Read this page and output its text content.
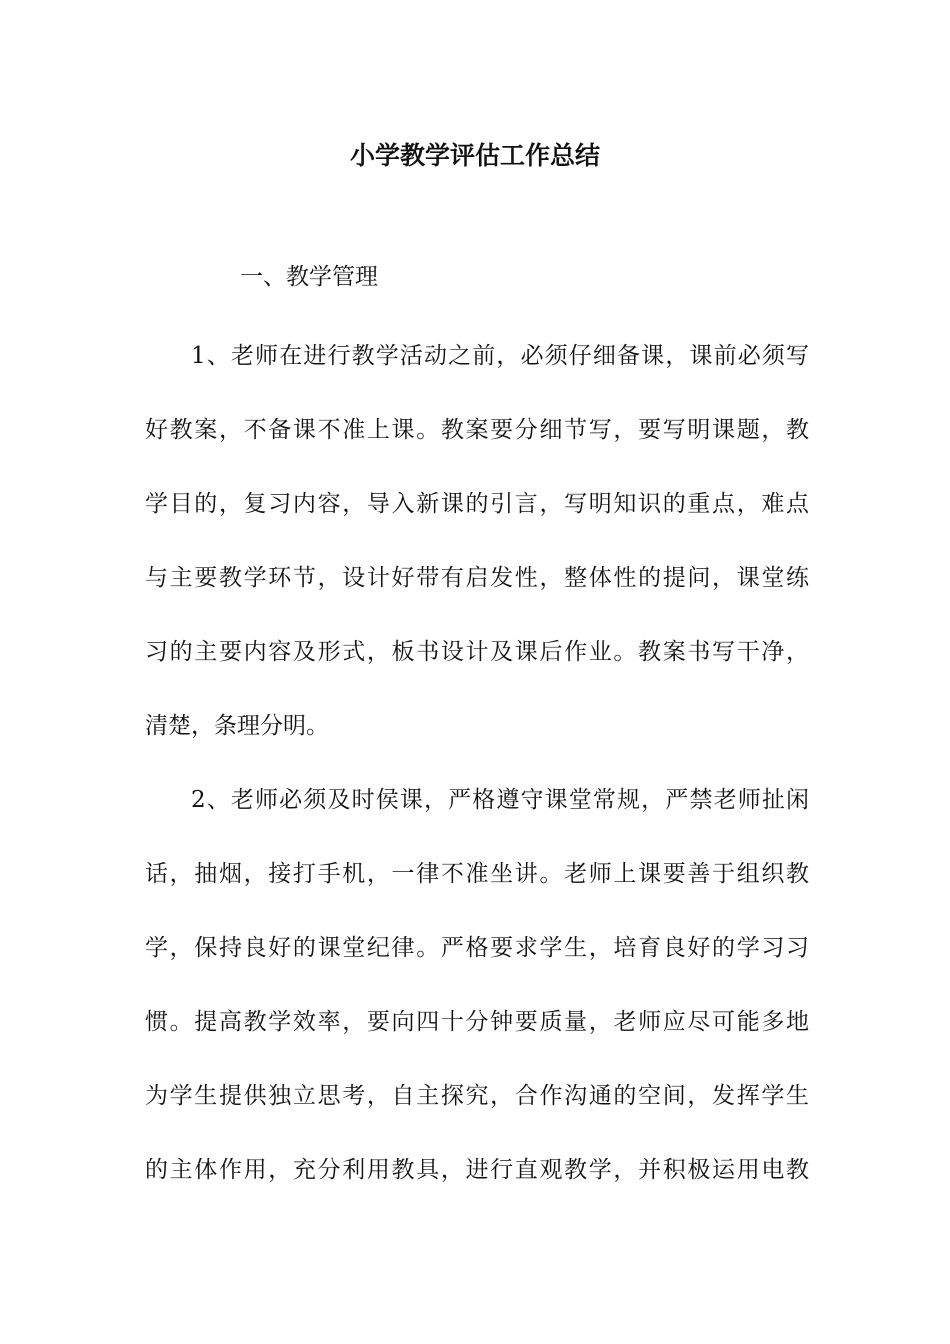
小学教学评估工作总结

一、教学管理

1、老师在进行教学活动之前，必须仔细备课，课前必须写
好教案，不备课不准上课。教案要分细节写，要写明课题，教
学目的，复习内容，导入新课的引言，写明知识的重点，难点
与主要教学环节，设计好带有启发性，整体性的提问，课堂练
习的主要内容及形式，板书设计及课后作业。教案书写干净，
清楚，条理分明。
2、老师必须及时侯课，严格遵守课堂常规，严禁老师扯闲
话，抽烟，接打手机，一律不准坐讲。老师上课要善于组织教
学，保持良好的课堂纪律。严格要求学生，培育良好的学习习
惯。提高教学效率，要向四十分钟要质量，老师应尽可能多地
为学生提供独立思考，自主探究，合作沟通的空间，发挥学生
的主体作用，充分利用教具，进行直观教学，并积极运用电教
